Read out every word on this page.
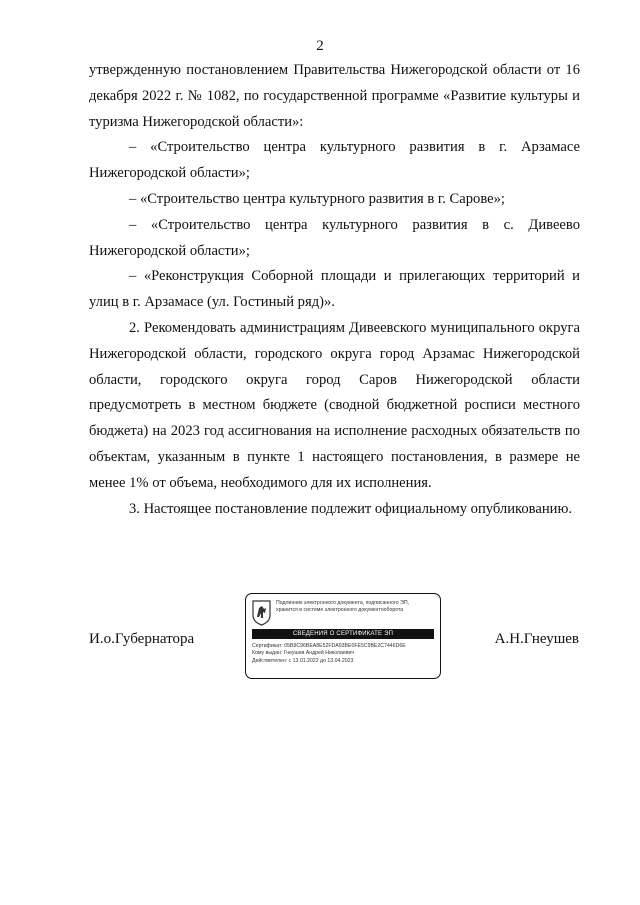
2

утвержденную постановлением Правительства Нижегородской области от 16 декабря 2022 г. № 1082, по государственной программе «Развитие культуры и туризма Нижегородской области»:

– «Строительство центра культурного развития в г. Арзамасе Нижегородской области»;

– «Строительство центра культурного развития в г. Сарове»;

– «Строительство центра культурного развития в с. Дивеево Нижегородской области»;

– «Реконструкция Соборной площади и прилегающих территорий и улиц в г. Арзамасе (ул. Гостиный ряд)».

2. Рекомендовать администрациям Дивеевского муниципального округа Нижегородской области, городского округа город Арзамас Нижегородской области, городского округа город Саров Нижегородской области предусмотреть в местном бюджете (сводной бюджетной росписи местного бюджета) на 2023 год ассигнования на исполнение расходных обязательств по объектам, указанным в пункте 1 настоящего постановления, в размере не менее 1% от объема, необходимого для их исполнения.

3. Настоящее постановление подлежит официальному опубликованию.

И.о.Губернатора	А.Н.Гнеушев
Подлинник электронного документа, подписанного ЭП,
хранится в системе электронного документооборота
СВЕДЕНИЯ О СЕРТИФИКАТЕ ЭП
Сертификат: 05B9C96BEA8E52FDA93BE0FE5C9BE2C7446D6E
Кому выдан: Гнеушев Андрей Николаевич
Действителен: с 13.01.2022 до 13.04.2023
